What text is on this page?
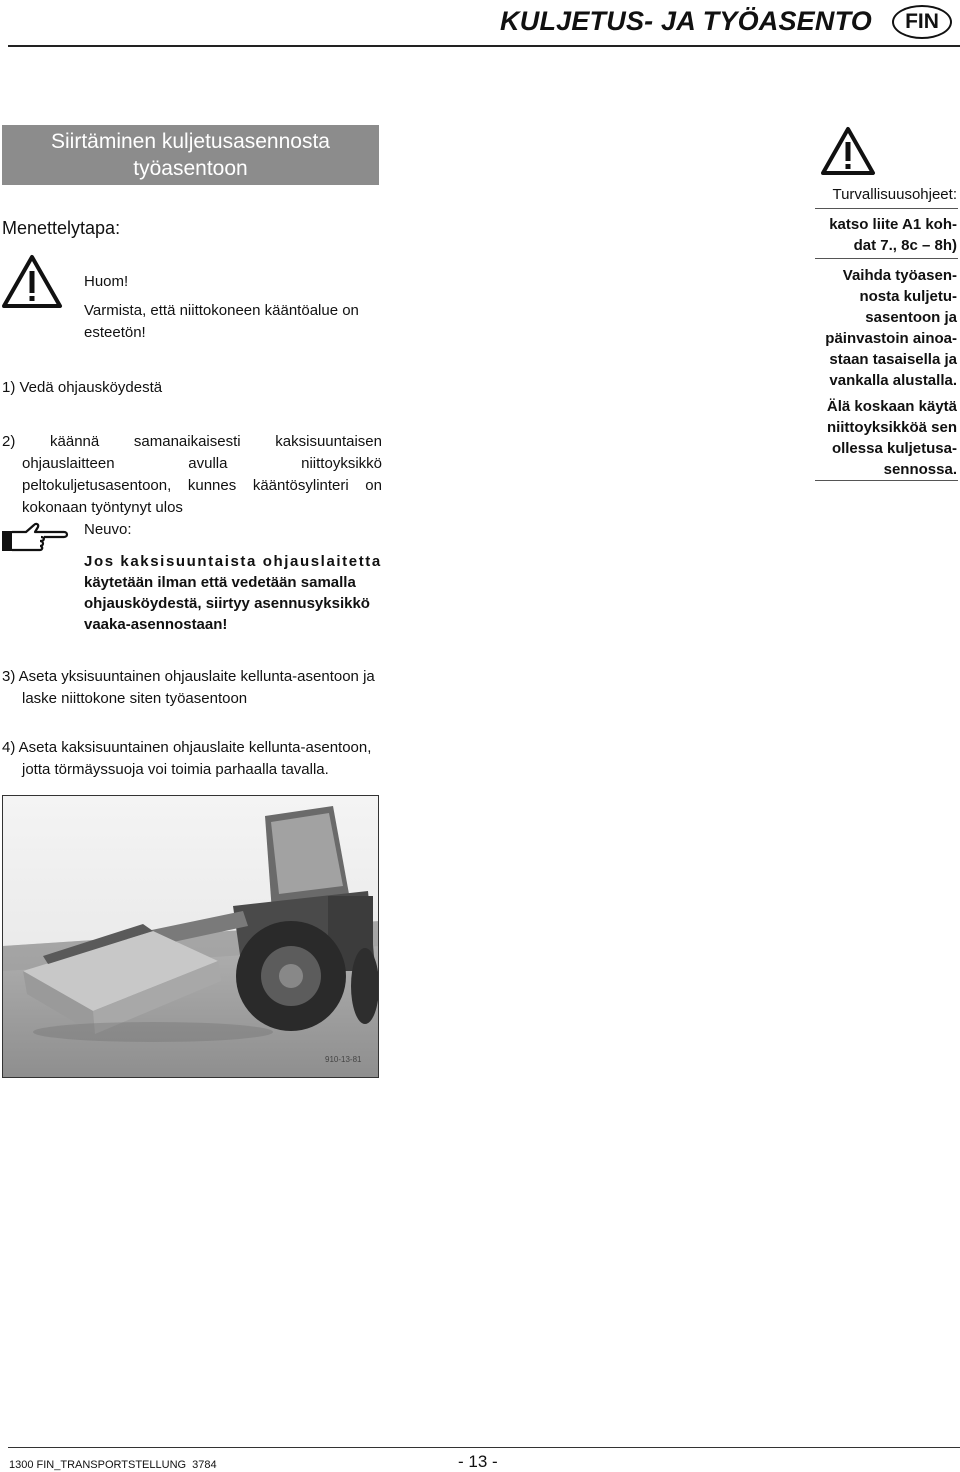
KULJETUS- JA TYÖASENTO	FIN
Siirtäminen kuljetusasennosta
työasentoon
Menettelytapa:
Huom!
Varmista, että niittokoneen kääntöalue on esteetön!
1) Vedä ohjausköydestä
2) käännä samanaikaisesti kaksisuuntaisen ohjauslaitteen avulla niittoyksikkö peltokuljetusasentoon, kunnes kääntösylinteri on kokonaan työntynyt ulos
Neuvo:
Jos kaksisuuntaista ohjauslaitetta
käytetään ilman että vedetään samalla
ohjausköydestä, siirtyy asennusyksikkö
vaaka-asennostaan!
3) Aseta yksisuuntainen ohjauslaite kellunta-asentoon ja laske niittokone siten työasentoon
4) Aseta kaksisuuntainen ohjauslaite kellunta-asentoon, jotta törmäyssuoja voi toimia parhaalla tavalla.
910-13-81
Turvallisuusohjeet:
katso liite A1 koh-
dat 7., 8c – 8h)
Vaihda työasen-
nosta kuljetu-
sasentoon ja
päinvastoin ainoa-
staan tasaisella ja
vankalla alustalla.
Älä koskaan käytä
niittoyksikköä sen
ollessa kuljetusa-
sennossa.
1300 FIN_TRANSPORTSTELLUNG  3784	- 13 -
